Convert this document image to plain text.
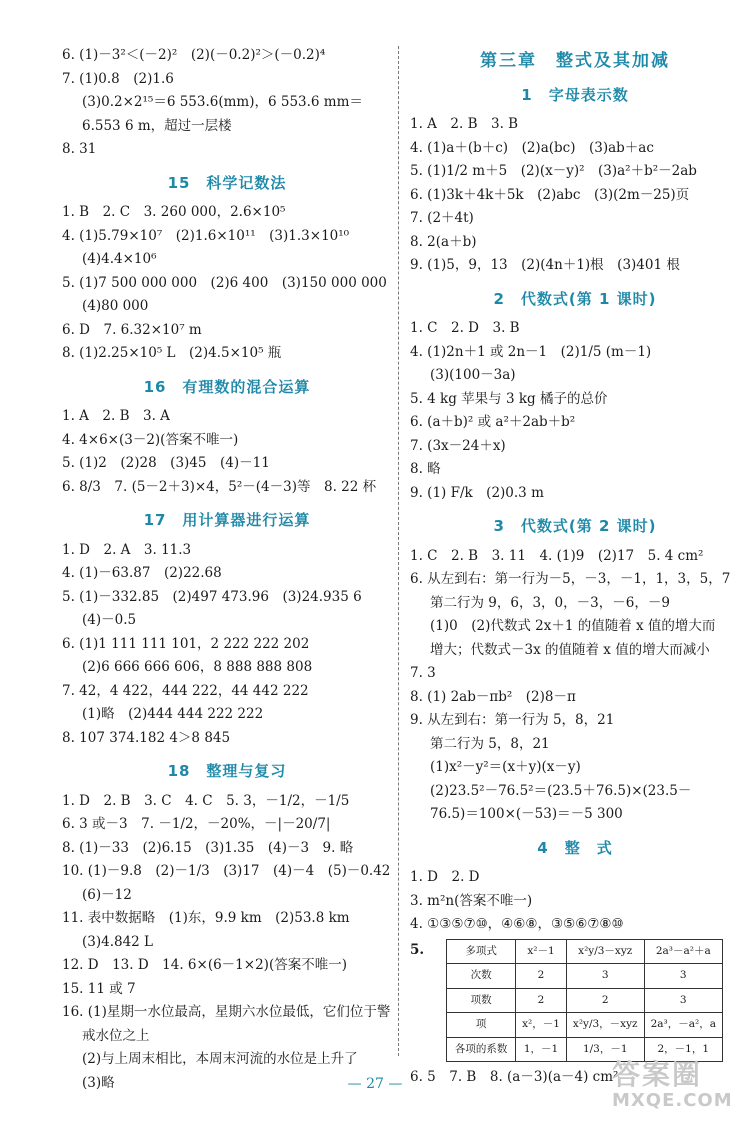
6. (1)－3²＜(－2)²　(2)(－0.2)²＞(－0.2)⁴
7. (1)0.8　(2)1.6
(3)0.2×2¹⁵＝6 553.6(mm)，6 553.6 mm＝
6.553 6 m，超过一层楼
8. 31
15　科学记数法
1. B　2. C　3. 260 000，2.6×10⁵
4. (1)5.79×10⁷　(2)1.6×10¹¹　(3)1.3×10¹⁰
(4)4.4×10⁶
5. (1)7 500 000 000　(2)6 400　(3)150 000 000
(4)80 000
6. D　7. 6.32×10⁷ m
8. (1)2.25×10⁵ L　(2)4.5×10⁵ 瓶
16　有理数的混合运算
1. A　2. B　3. A
4. 4×6×(3－2)(答案不唯一)
5. (1)2　(2)28　(3)45　(4)－11
6. 8/3　7. (5－2＋3)×4，5²－(4－3)等　8. 22 杯
17　用计算器进行运算
1. D　2. A　3. 11.3
4. (1)－63.87　(2)22.68
5. (1)－332.85　(2)497 473.96　(3)24.935 6
(4)－0.5
6. (1)1 111 111 101，2 222 222 202
(2)6 666 666 606，8 888 888 808
7. 42，4 422，444 222，44 442 222
(1)略　(2)444 444 222 222
8. 107 374.182 4＞8 845
18　整理与复习
1. D　2. B　3. C　4. C　5. 3，－1/2，－1/5
6. 3 或－3　7. －1/2，－20%，－|－20/7|
8. (1)－33　(2)6.15　(3)1.35　(4)－3　9. 略
10. (1)－9.8　(2)－1/3　(3)17　(4)－4　(5)－0.42
(6)－12
11. 表中数据略　(1)东，9.9 km　(2)53.8 km
(3)4.842 L
12. D　13. D　14. 6×(6－1×2)(答案不唯一)
15. 11 或 7
16. (1)星期一水位最高，星期六水位最低，它们位于警
戒水位之上
(2)与上周末相比，本周末河流的水位是上升了
(3)略
第三章　整式及其加减
1　字母表示数
1. A　2. B　3. B
4. (1)a＋(b＋c)　(2)a(bc)　(3)ab＋ac
5. (1)1/2 m＋5　(2)(x－y)²　(3)a²＋b²－2ab
6. (1)3k＋4k＋5k　(2)abc　(3)(2m－25)页
7. (2＋4t)
8. 2(a＋b)
9. (1)5，9，13　(2)(4n＋1)根　(3)401 根
2　代数式(第 1 课时)
1. C　2. D　3. B
4. (1)2n＋1 或 2n－1　(2)1/5 (m－1)
(3)(100－3a)
5. 4 kg 苹果与 3 kg 橘子的总价
6. (a＋b)² 或 a²＋2ab＋b²
7. (3x－24＋x)
8. 略
9. (1) F/k　(2)0.3 m
3　代数式(第 2 课时)
1. C　2. B　3. 11　4. (1)9　(2)17　5. 4 cm²
6. 从左到右：第一行为－5，－3，－1，1，3，5，7
第二行为 9，6，3，0，－3，－6，－9
(1)0　(2)代数式 2x＋1 的值随着 x 值的增大而
增大；代数式－3x 的值随着 x 值的增大而减小
7. 3
8. (1) 2ab－πb²　(2)8－π
9. 从左到右：第一行为 5，8，21
第二行为 5，8，21
(1)x²－y²＝(x＋y)(x－y)
(2)23.5²－76.5²＝(23.5＋76.5)×(23.5－
76.5)＝100×(－53)＝－5 300
4　整　式
1. D　2. D
3. m²n(答案不唯一)
4. ①③⑤⑦⑩，④⑥⑧，③⑤⑥⑦⑧⑩
5.	多项式	x²－1	x²y/3－xyz	2a³－a²＋a
次数	2	3	3
项数	2	2	3
项	x²，－1	x²y/3，－xyz	2a³，－a²，a
各项的系数	1，－1	1/3，－1	2，－1，1
6. 5　7. B　8. (a－3)(a－4) cm²
— 27 —	答案圈
MXQE.COM
